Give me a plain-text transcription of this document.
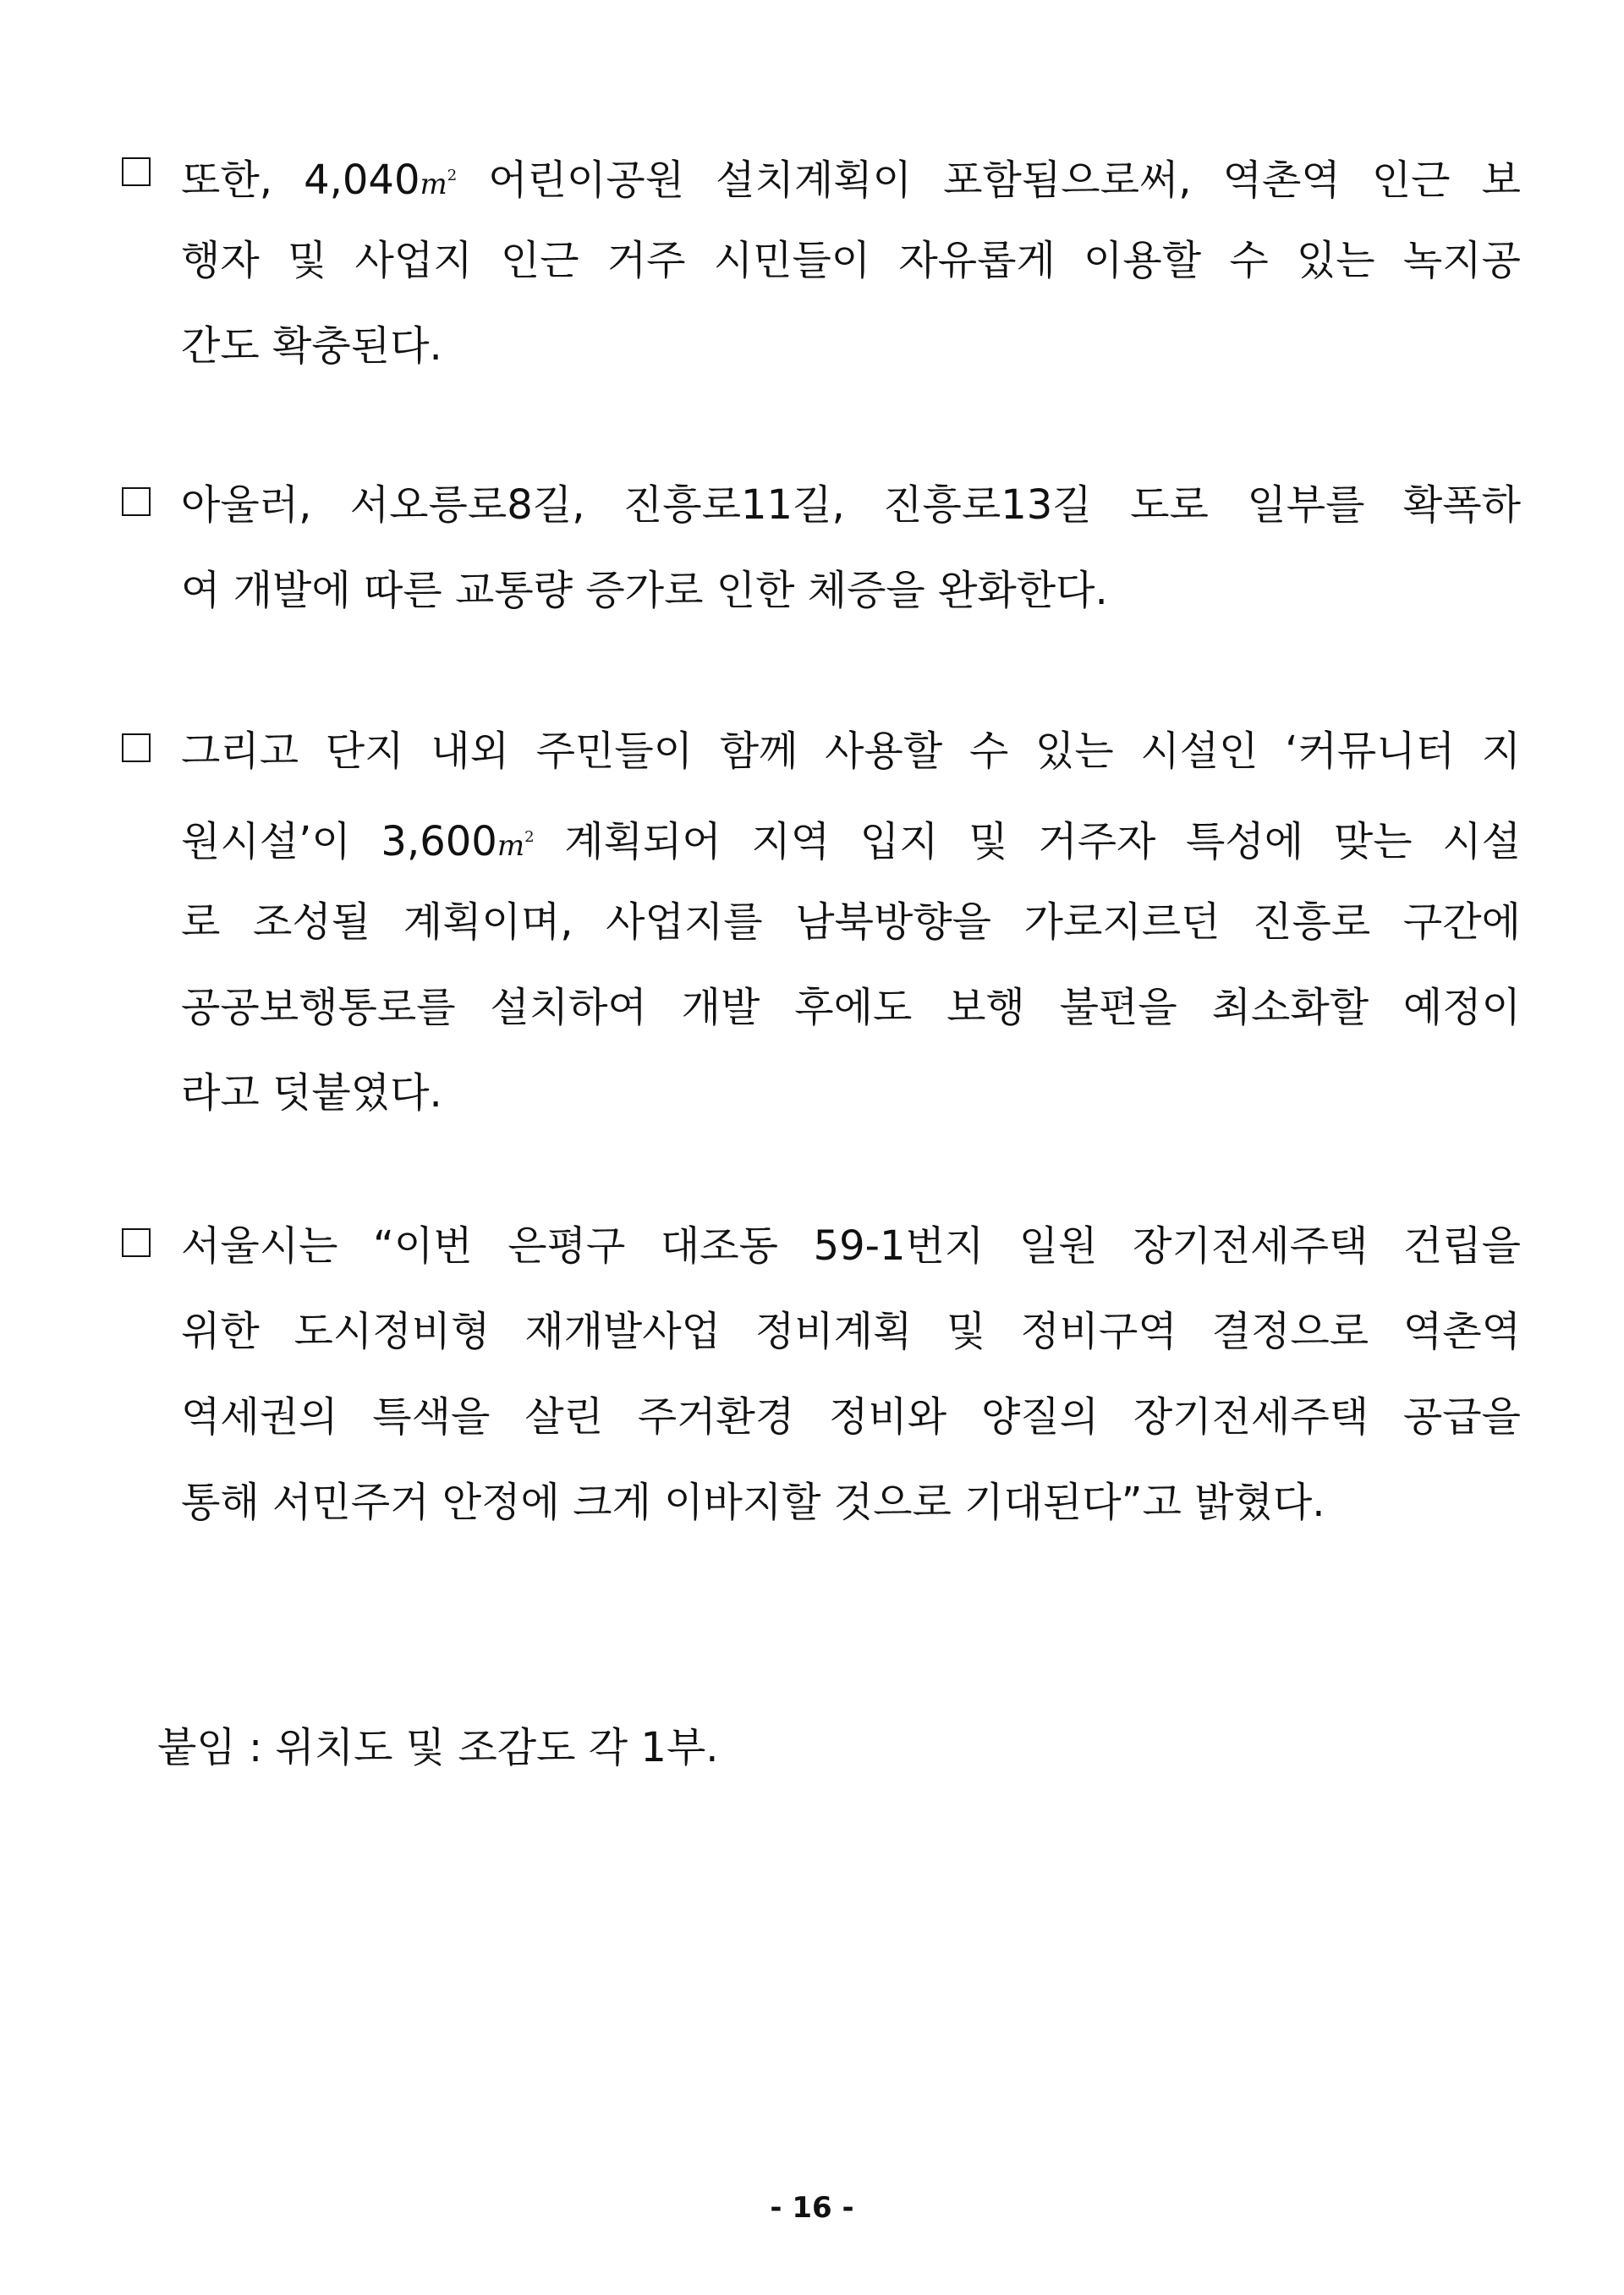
또한, $4,040m^2$ 어린이공원 설치계획이 포함됨으로써, 역촌역 인근 보
행자 및 사업지 인근 거주 시민들이 자유롭게 이용할 수 있는 녹지공
간도 확충된다.
아울러, 서오릉로8길, 진흥로11길, 진흥로13길 도로 일부를 확폭하
여 개발에 따른 교통량 증가로 인한 체증을 완화한다.
그리고 단지 내외 주민들이 함께 사용할 수 있는 시설인 ‘커뮤니터 지
원시설’이 $3,600m^2$ 계획되어 지역 입지 및 거주자 특성에 맞는 시설
로 조성될 계획이며, 사업지를 남북방향을 가로지르던 진흥로 구간에
공공보행통로를 설치하여 개발 후에도 보행 불편을 최소화할 예정이
라고 덧붙였다.
서울시는 “이번 은평구 대조동 59-1번지 일원 장기전세주택 건립을
위한 도시정비형 재개발사업 정비계획 및 정비구역 결정으로 역촌역
역세권의 특색을 살린 주거환경 정비와 양질의 장기전세주택 공급을
통해 서민주거 안정에 크게 이바지할 것으로 기대된다”고 밝혔다.
붙임 : 위치도 및 조감도 각 1부.
- 16 -
